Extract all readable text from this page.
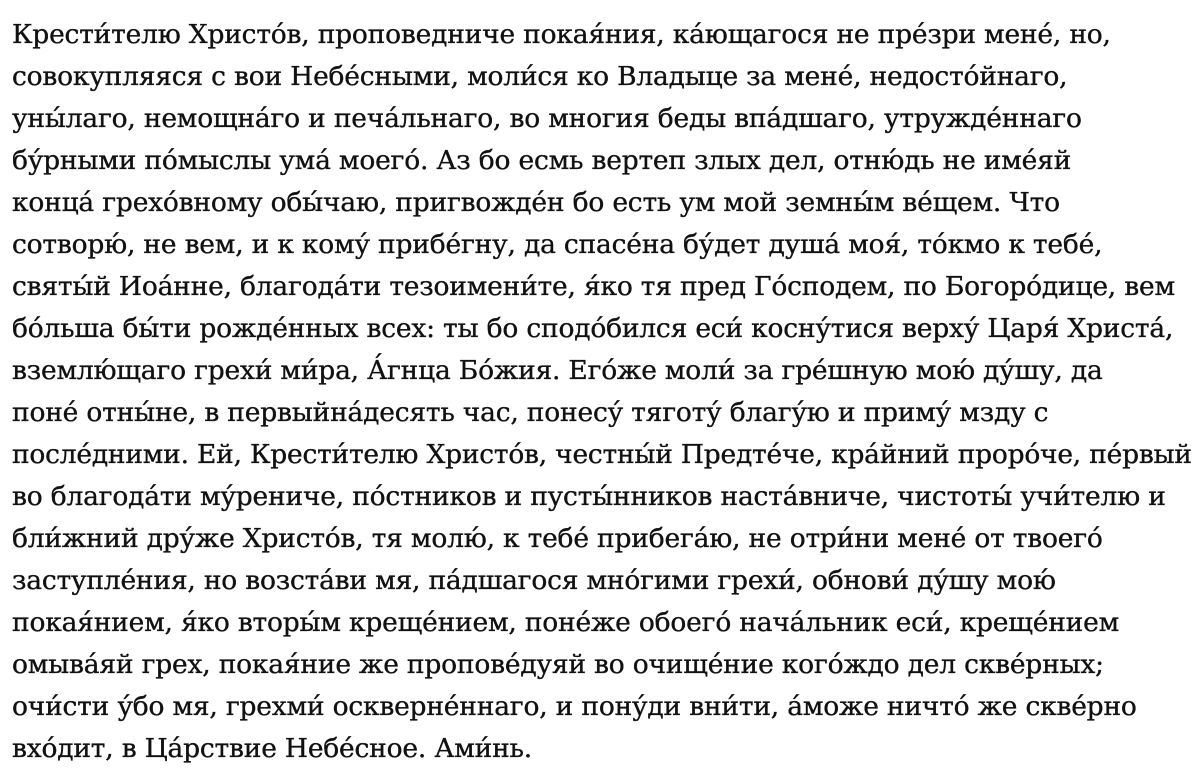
Крести́телю Христо́в, проповедниче покая́ния, ка́ющагося не пре́зри мене́, но,
совокупляяся с вои Небе́сными, моли́ся ко Владыце за мене́, недосто́йнаго,
уны́лаго, немощна́го и печа́льнаго, во многия беды впа́дшаго, утружде́ннаго
бу́рными по́мыслы ума́ моего́. Аз бо есмь вертеп злых дел, отню́дь не име́яй
конца́ грехо́вному обы́чаю, пригвожде́н бо есть ум мой земны́м ве́щем. Что
сотворю́, не вем, и к кому́ прибе́гну, да спасе́на бу́дет душа́ моя́, то́кмо к тебе́,
святы́й Иоа́нне, благода́ти тезоимени́те, я́ко тя пред Го́сподем, по Богоро́дице, вем
бо́льша бы́ти рожде́нных всех: ты бо сподо́бился еси́ косну́тися верху́ Царя́ Христа́,
вземлю́щаго грехи́ ми́ра, А́гнца Бо́жия. Его́же моли́ за гре́шную мою́ ду́шу, да
поне́ отны́не, в первыйна́десять час, понесу́ тяготу́ благу́ю и приму́ мзду с
после́дними. Ей, Крести́телю Христо́в, честны́й Предте́че, кра́йний проро́че, пе́рвый
во благода́ти му́рениче, по́стников и пусты́нников наста́вниче, чистоты́ учи́телю и
бли́жний дру́же Христо́в, тя молю́, к тебе́ прибега́ю, не отри́ни мене́ от твоего́
заступле́ния, но возста́ви мя, па́дшагося мно́гими грехи́, обнови́ ду́шу мою́
покая́нием, я́ко вторы́м креще́нием, поне́же обоего́ нача́льник еси́, креще́нием
омыва́яй грех, покая́ние же пропове́дуяй во очище́ние кого́ждо дел скве́рных;
очи́сти у́бо мя, грехми́ оскверне́ннаго, и пону́ди вни́ти, а́може ничто́ же скве́рно
вхо́дит, в Ца́рствие Небе́сное. Ами́нь.
